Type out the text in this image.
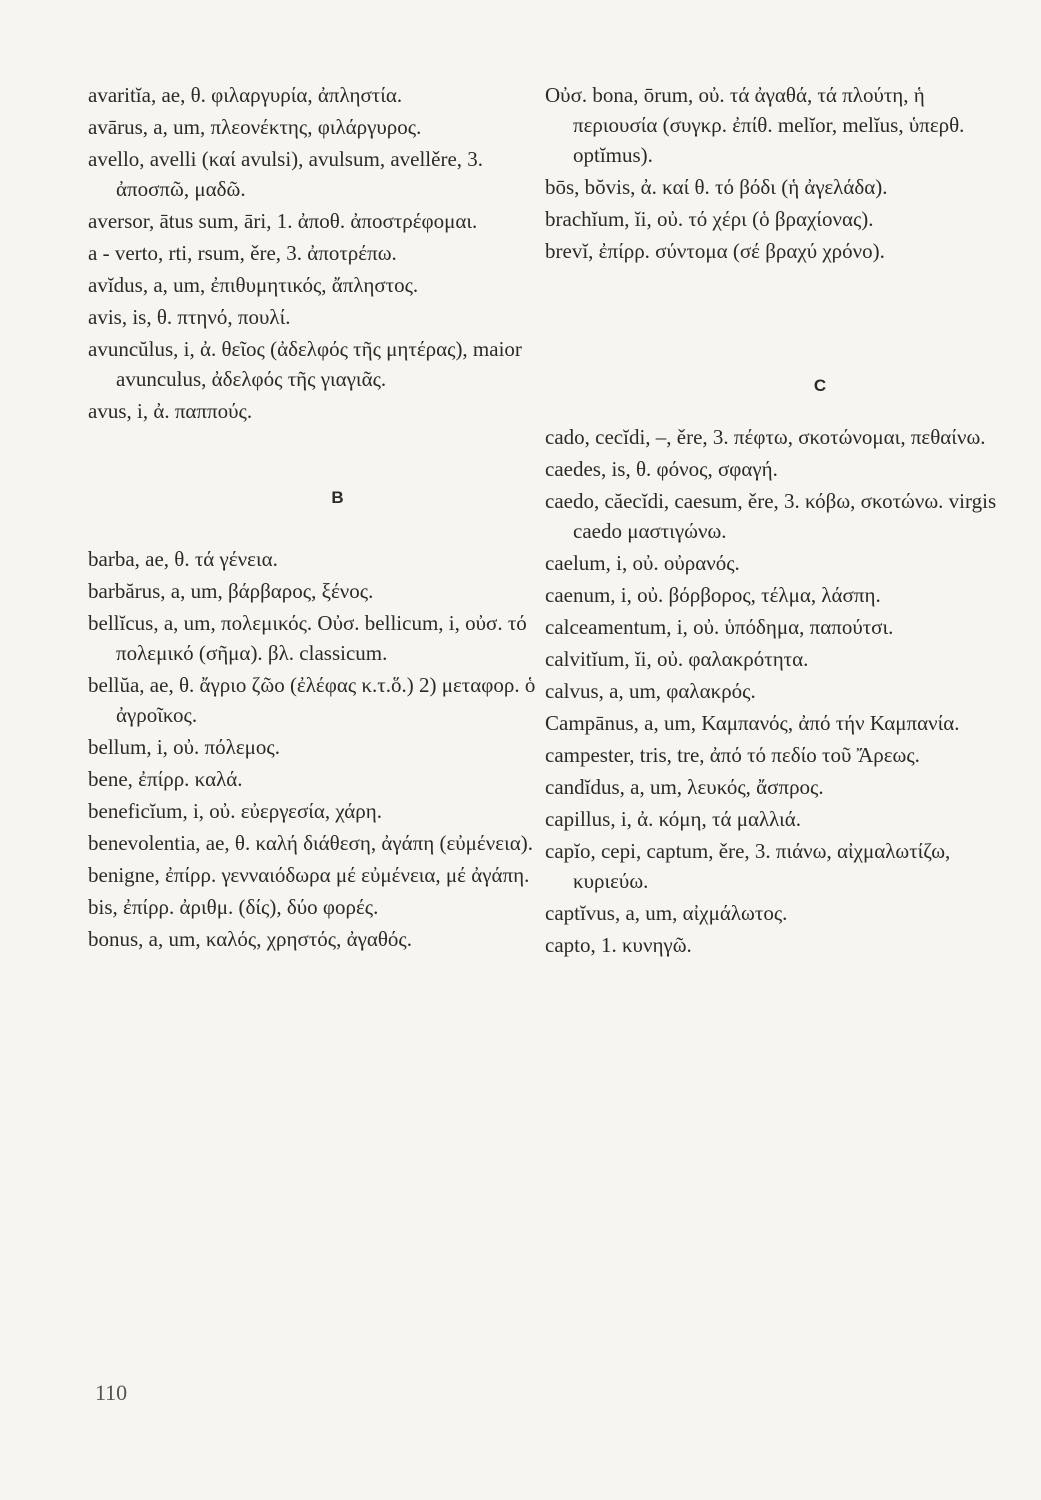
avaritĭa, ae, θ. φιλαργυρία, ἀπληστία.

avārus, a, um, πλεονέκτης, φιλάργυρος.

avello, avelli (καί avulsi), avulsum, avellěre, 3. ἀποσπῶ, μαδῶ.

aversor, ātus sum, āri, 1. ἀποθ. ἀποστρέφομαι.

a - verto, rti, rsum, ěre, 3. ἀποτρέπω.

avĭdus, a, um, ἐπιθυμητικός, ἄπληστος.

avis, is, θ. πτηνό, πουλί.

avuncŭlus, i, ἀ. θεῖος (ἀδελφός τῆς μητέρας), maior avunculus, ἀδελφός τῆς γιαγιᾶς.

avus, i, ἀ. παππούς.

B

barba, ae, θ. τά γένεια.

barbărus, a, um, βάρβαρος, ξένος.

bellĭcus, a, um, πολεμικός. Οὐσ. bellicum, i, οὐσ. τό πολεμικό (σῆμα). βλ. classicum.

bellŭa, ae, θ. ἄγριο ζῶο (ἐλέφας κ.τ.ὅ.) 2) μεταφορ. ὁ ἀγροῖκος.

bellum, i, οὐ. πόλεμος.

bene, ἐπίρρ. καλά.

beneficĭum, i, οὐ. εὐεργεσία, χάρη.

benevolentia, ae, θ. καλή διάθεση, ἀγάπη (εὐμένεια).

benigne, ἐπίρρ. γενναιόδωρα μέ εὐμένεια, μέ ἀγάπη.

bis, ἐπίρρ. ἀριθμ. (δίς), δύο φορές.

bonus, a, um, καλός, χρηστός, ἀγαθός.

Οὐσ. bona, ōrum, οὐ. τά ἀγαθά, τά πλούτη, ἡ περιουσία (συγκρ. ἐπίθ. melĭor, melĭus, ὑπερθ. optĭmus).

bōs, bŏvis, ἀ. καί θ. τό βόδι (ἡ ἀγελάδα).

brachĭum, ĭi, οὐ. τό χέρι (ὁ βραχίονας).

brevĭ, ἐπίρρ. σύντομα (σέ βραχύ χρόνο).

C

cado, cecĭdi, –, ěre, 3. πέφτω, σκοτώνομαι, πεθαίνω.

caedes, is, θ. φόνος, σφαγή.

caedo, căecĭdi, caesum, ěre, 3. κόβω, σκοτώνω. virgis caedo μαστιγώνω.

caelum, i, οὐ. οὐρανός.

caenum, i, οὐ. βόρβορος, τέλμα, λάσπη.

calceamentum, i, οὐ. ὑπόδημα, παπούτσι.

calvitĭum, ĭi, οὐ. φαλακρότητα.

calvus, a, um, φαλακρός.

Campānus, a, um, Καμπανός, ἀπό τήν Καμπανία.

campester, tris, tre, ἀπό τό πεδίο τοῦ Ἄρεως.

candĭdus, a, um, λευκός, ἄσπρος.

capillus, i, ἀ. κόμη, τά μαλλιά.

capĭo, cepi, captum, ěre, 3. πιάνω, αἰχμαλωτίζω, κυριεύω.

captĭvus, a, um, αἰχμάλωτος.

capto, 1. κυνηγῶ.

110
